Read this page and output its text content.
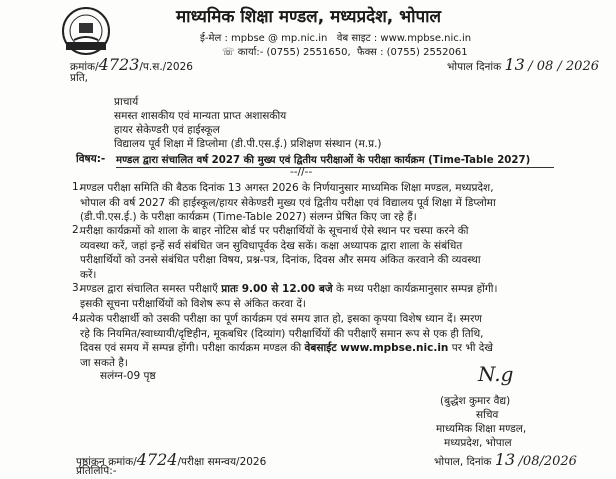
माध्यमिक शिक्षा मण्डल, मध्यप्रदेश, भोपाल
ई-मेल : mpbse @ mp.nic.in वेब साइट : www.mpbse.nic.in
☏ कार्या:- (0755) 2551650, फैक्स : (0755) 2552061
क्रमांक/4723/प.स./2026	भोपाल दिनांक 13 / 08 / 2026
प्रति,
प्राचार्य
समस्त शासकीय एवं मान्यता प्राप्त अशासकीय
हायर सेकेण्डरी एवं हाईस्कूल
विद्यालय पूर्व शिक्षा में डिप्लोमा (डी.पी.एस.ई.) प्रशिक्षण संस्थान (म.प्र.)
विषय:- मण्डल द्वारा संचालित वर्ष 2027 की मुख्य एवं द्वितीय परीक्षाओं के परीक्षा कार्यक्रम (Time-Table 2027)
--//--
1.
मण्डल परीक्षा समिति की बैठक दिनांक 13 अगस्त 2026 के निर्णयानुसार माध्यमिक शिक्षा मण्डल, मध्यप्रदेश,
भोपाल की वर्ष 2027 की हाईस्कूल/हायर सेकेण्डरी मुख्य एवं द्वितीय परीक्षा एवं विद्यालय पूर्व शिक्षा में डिप्लोमा
(डी.पी.एस.ई.) के परीक्षा कार्यक्रम (Time-Table 2027) संलग्न प्रेषित किए जा रहे हैं।
2.
परीक्षा कार्यक्रमों को शाला के बाहर नोटिस बोर्ड पर परीक्षार्थियों के सूचनार्थ ऐसे स्थान पर चस्पा करने की
व्यवस्था करें, जहां इन्हें सर्व संबंधित जन सुविधापूर्वक देख सकें। कक्षा अध्यापक द्वारा शाला के संबंधित
परीक्षार्थियों को उनसे संबंधित परीक्षा विषय, प्रश्न-पत्र, दिनांक, दिवस और समय अंकित करवाने की व्यवस्था
करें।
3.
मण्डल द्वारा संचालित समस्त परीक्षाएँ प्रातः 9.00 से 12.00 बजे के मध्य परीक्षा कार्यक्रमानुसार सम्पन्न होंगी।
इसकी सूचना परीक्षार्थियों को विशेष रूप से अंकित करवा दें।
4.
प्रत्येक परीक्षार्थी को उसकी परीक्षा का पूर्ण कार्यक्रम एवं समय ज्ञात हो, इसका कृपया विशेष ध्यान दें। स्मरण
रहे कि नियमित/स्वाध्यायी/दृष्टिहीन, मूकबधिर (दिव्यांग) परीक्षार्थियों की परीक्षाएँ समान रूप से एक ही तिथि,
दिवस एवं समय में सम्पन्न होंगी। परीक्षा कार्यक्रम मण्डल की वेबसाईट www.mpbse.nic.in पर भी देखे
जा सकते है।
सलंग्न-09 पृष्ठ	N.g
(बुद्धेश कुमार वैद्य)
सचिव
माध्यमिक शिक्षा मण्डल,
मध्यप्रदेश, भोपाल
पृष्ठांकन क्रमांक/4724/परीक्षा समन्वय/2026	भोपाल, दिनांक 13 /08/2026
प्रतिलिपि:-
